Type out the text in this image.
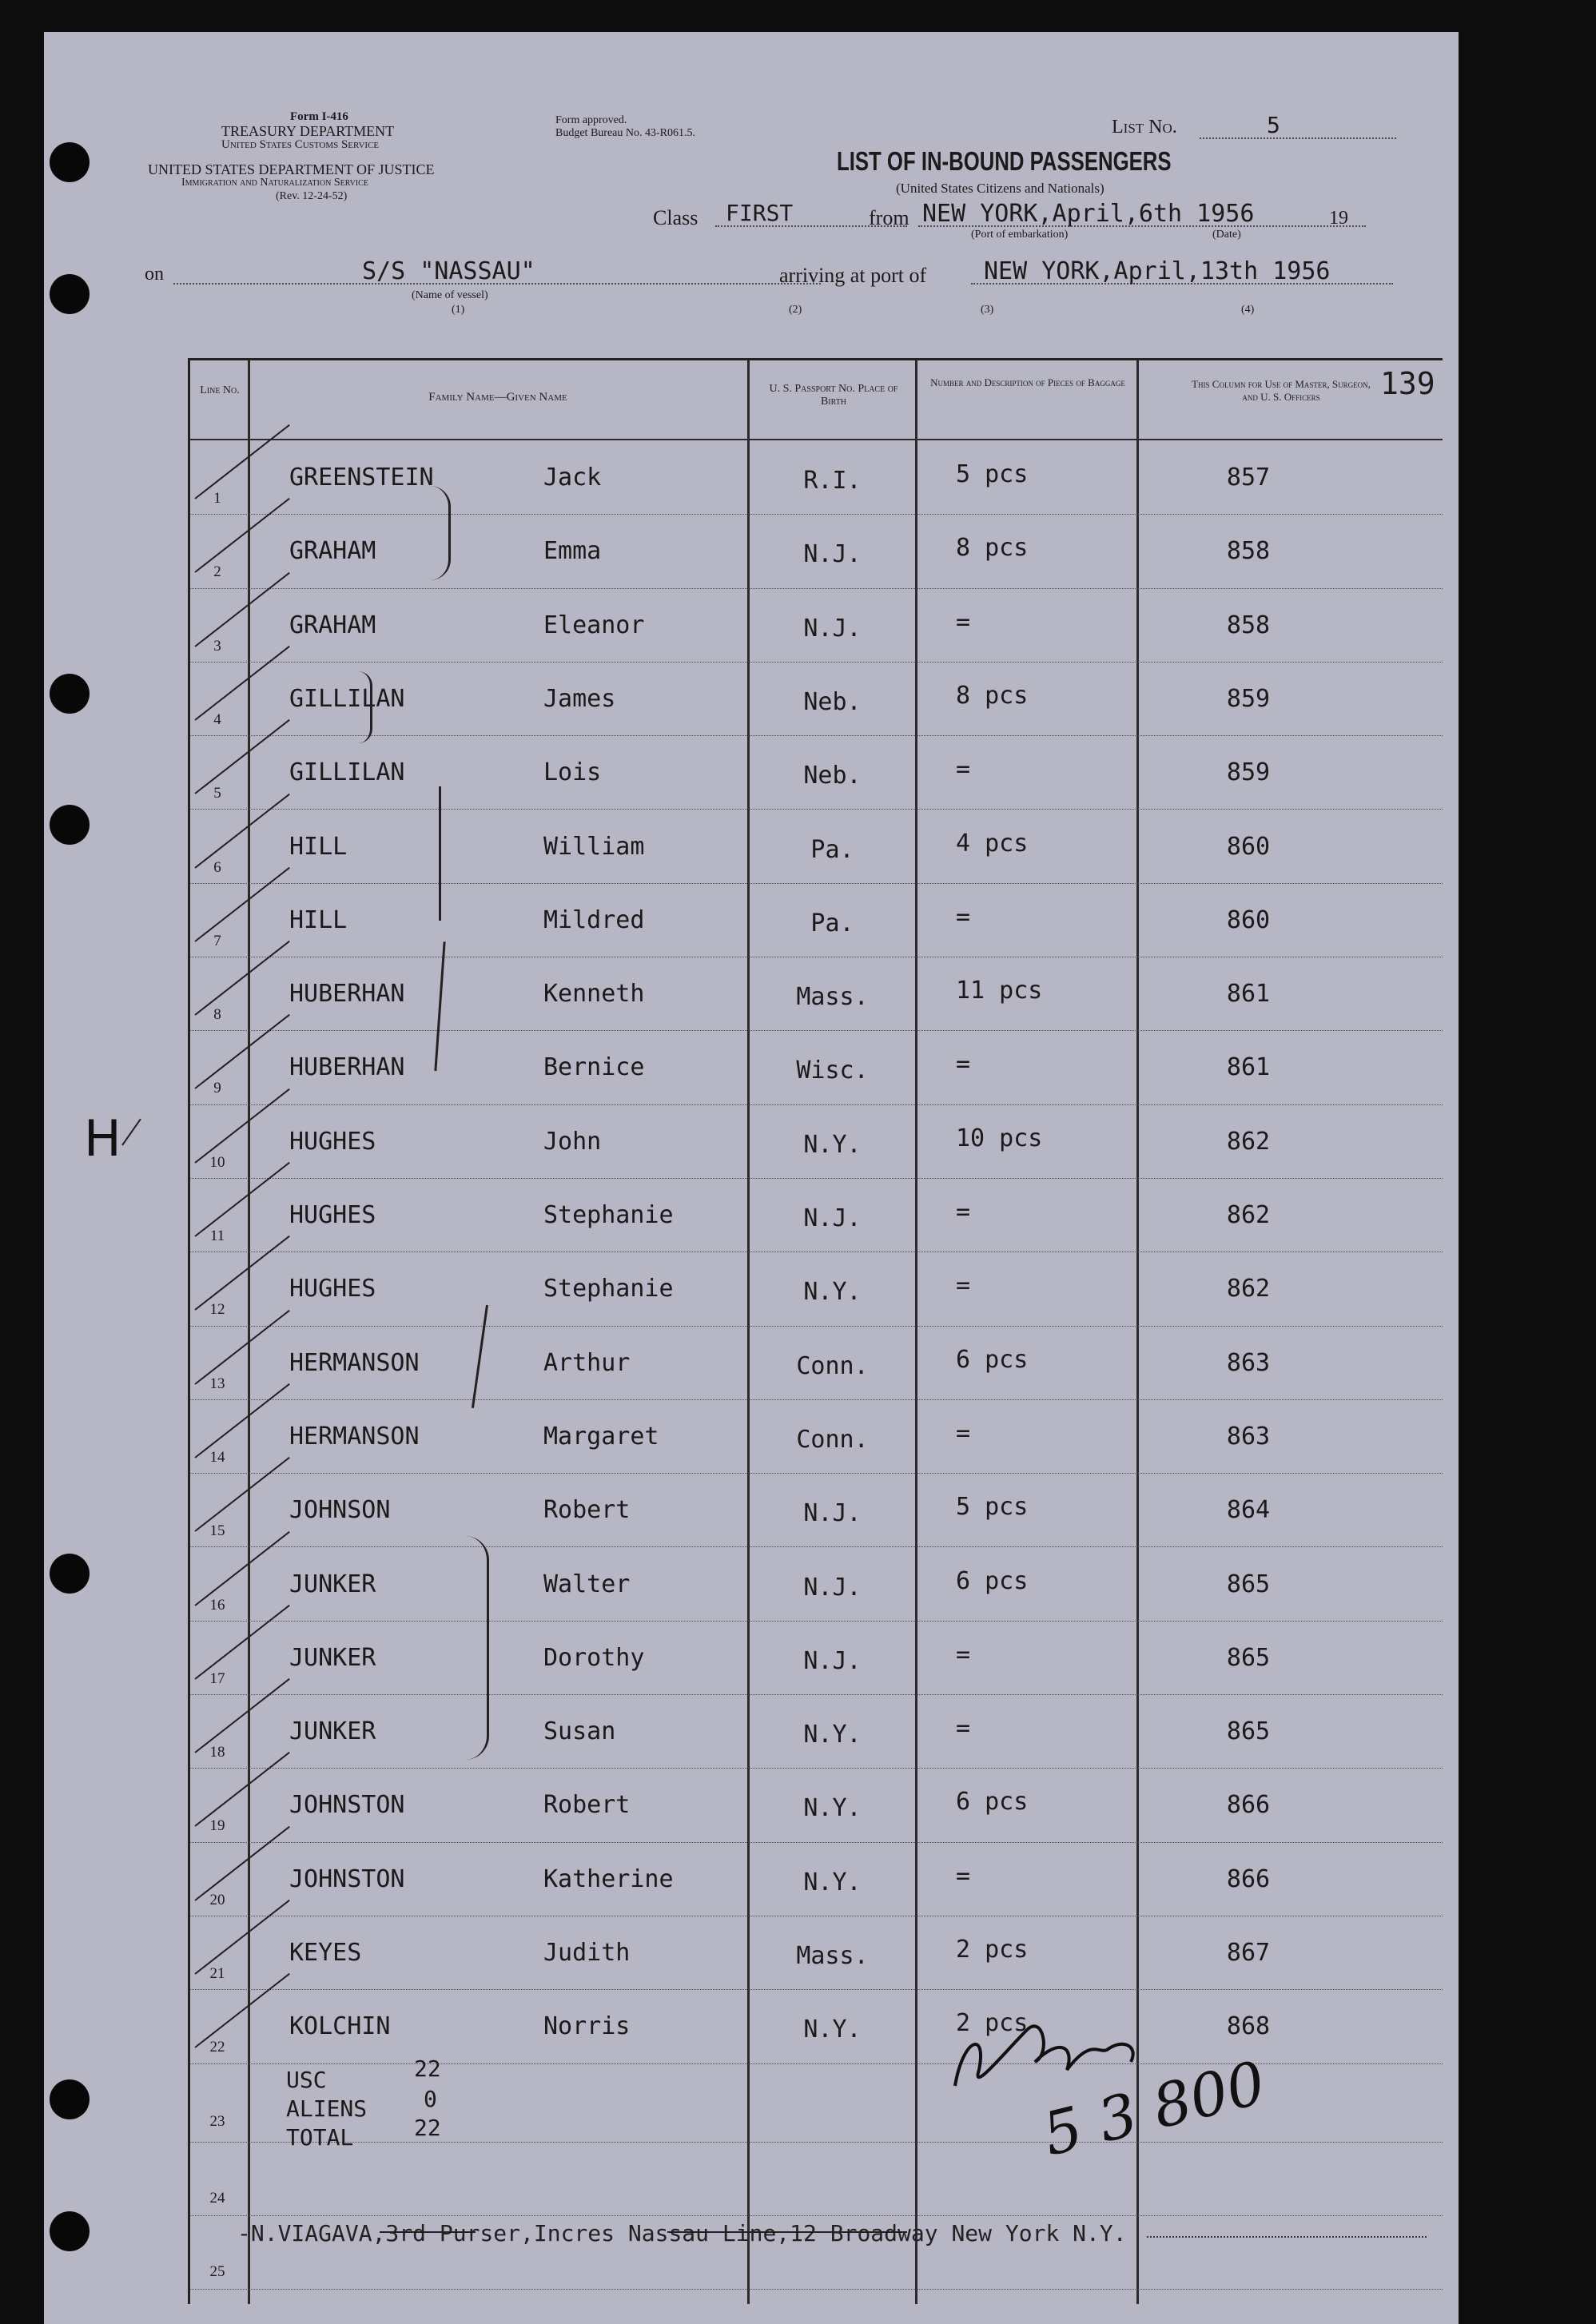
Form I-416
TREASURY DEPARTMENT
United States Customs Service
UNITED STATES DEPARTMENT OF JUSTICE
Immigration and Naturalization Service
(Rev. 12-24-52)
Form approved.
Budget Bureau No. 43-R061.5.	List No.	5
LIST OF IN-BOUND PASSENGERS
(United States Citizens and Nationals)
Class FIRST	from NEW YORK,April,6th 1956	19
(Port of embarkation)	(Date)
on	S/S "NASSAU"
(Name of vessel)
arriving at port of NEW YORK,April,13th 1956
(1)	(2)	(3)	(4)
139
Line No.
Family Name—Given Name
U. S. Passport No. Place of Birth
Number and Description of Pieces of Baggage	This Column for Use of Master, Surgeon, and U. S. Officers
1
GREENSTEIN	Jack	R.I.	5 pcs	857
2
GRAHAM	Emma	N.J.	8 pcs	858
3
GRAHAM	Eleanor	N.J.	=	858
4
GILLILAN	James	Neb.	8 pcs	859
5
GILLILAN	Lois	Neb.	=	859
6
HILL	William	Pa.	4 pcs	860
7
HILL	Mildred	Pa.	=	860
8
HUBERHAN	Kenneth	Mass.	11 pcs	861
9
HUBERHAN	Bernice	Wisc.	=	861
10
HUGHES	John	N.Y.	10 pcs	862
11
HUGHES	Stephanie	N.J.	=	862
12
HUGHES	Stephanie	N.Y.	=	862
13
HERMANSON	Arthur	Conn.	6 pcs	863
14
HERMANSON	Margaret	Conn.	=	863
15
JOHNSON	Robert	N.J.	5 pcs	864
16
JUNKER	Walter	N.J.	6 pcs	865
17
JUNKER	Dorothy	N.J.	=	865
18
JUNKER	Susan	N.Y.	=	865
19
JOHNSTON	Robert	N.Y.	6 pcs	866
20
JOHNSTON	Katherine	N.Y.	=	866
21
KEYES	Judith	Mass.	2 pcs	867
22
KOLCHIN	Norris	N.Y.	2 pcs	868
23
USC	22
ALIENS	0
TOTAL	22
24
25
H
5 3 800
-N.VIAGAVA,3rd Purser,Incres Nassau Line,12 Broadway New York N.Y.
